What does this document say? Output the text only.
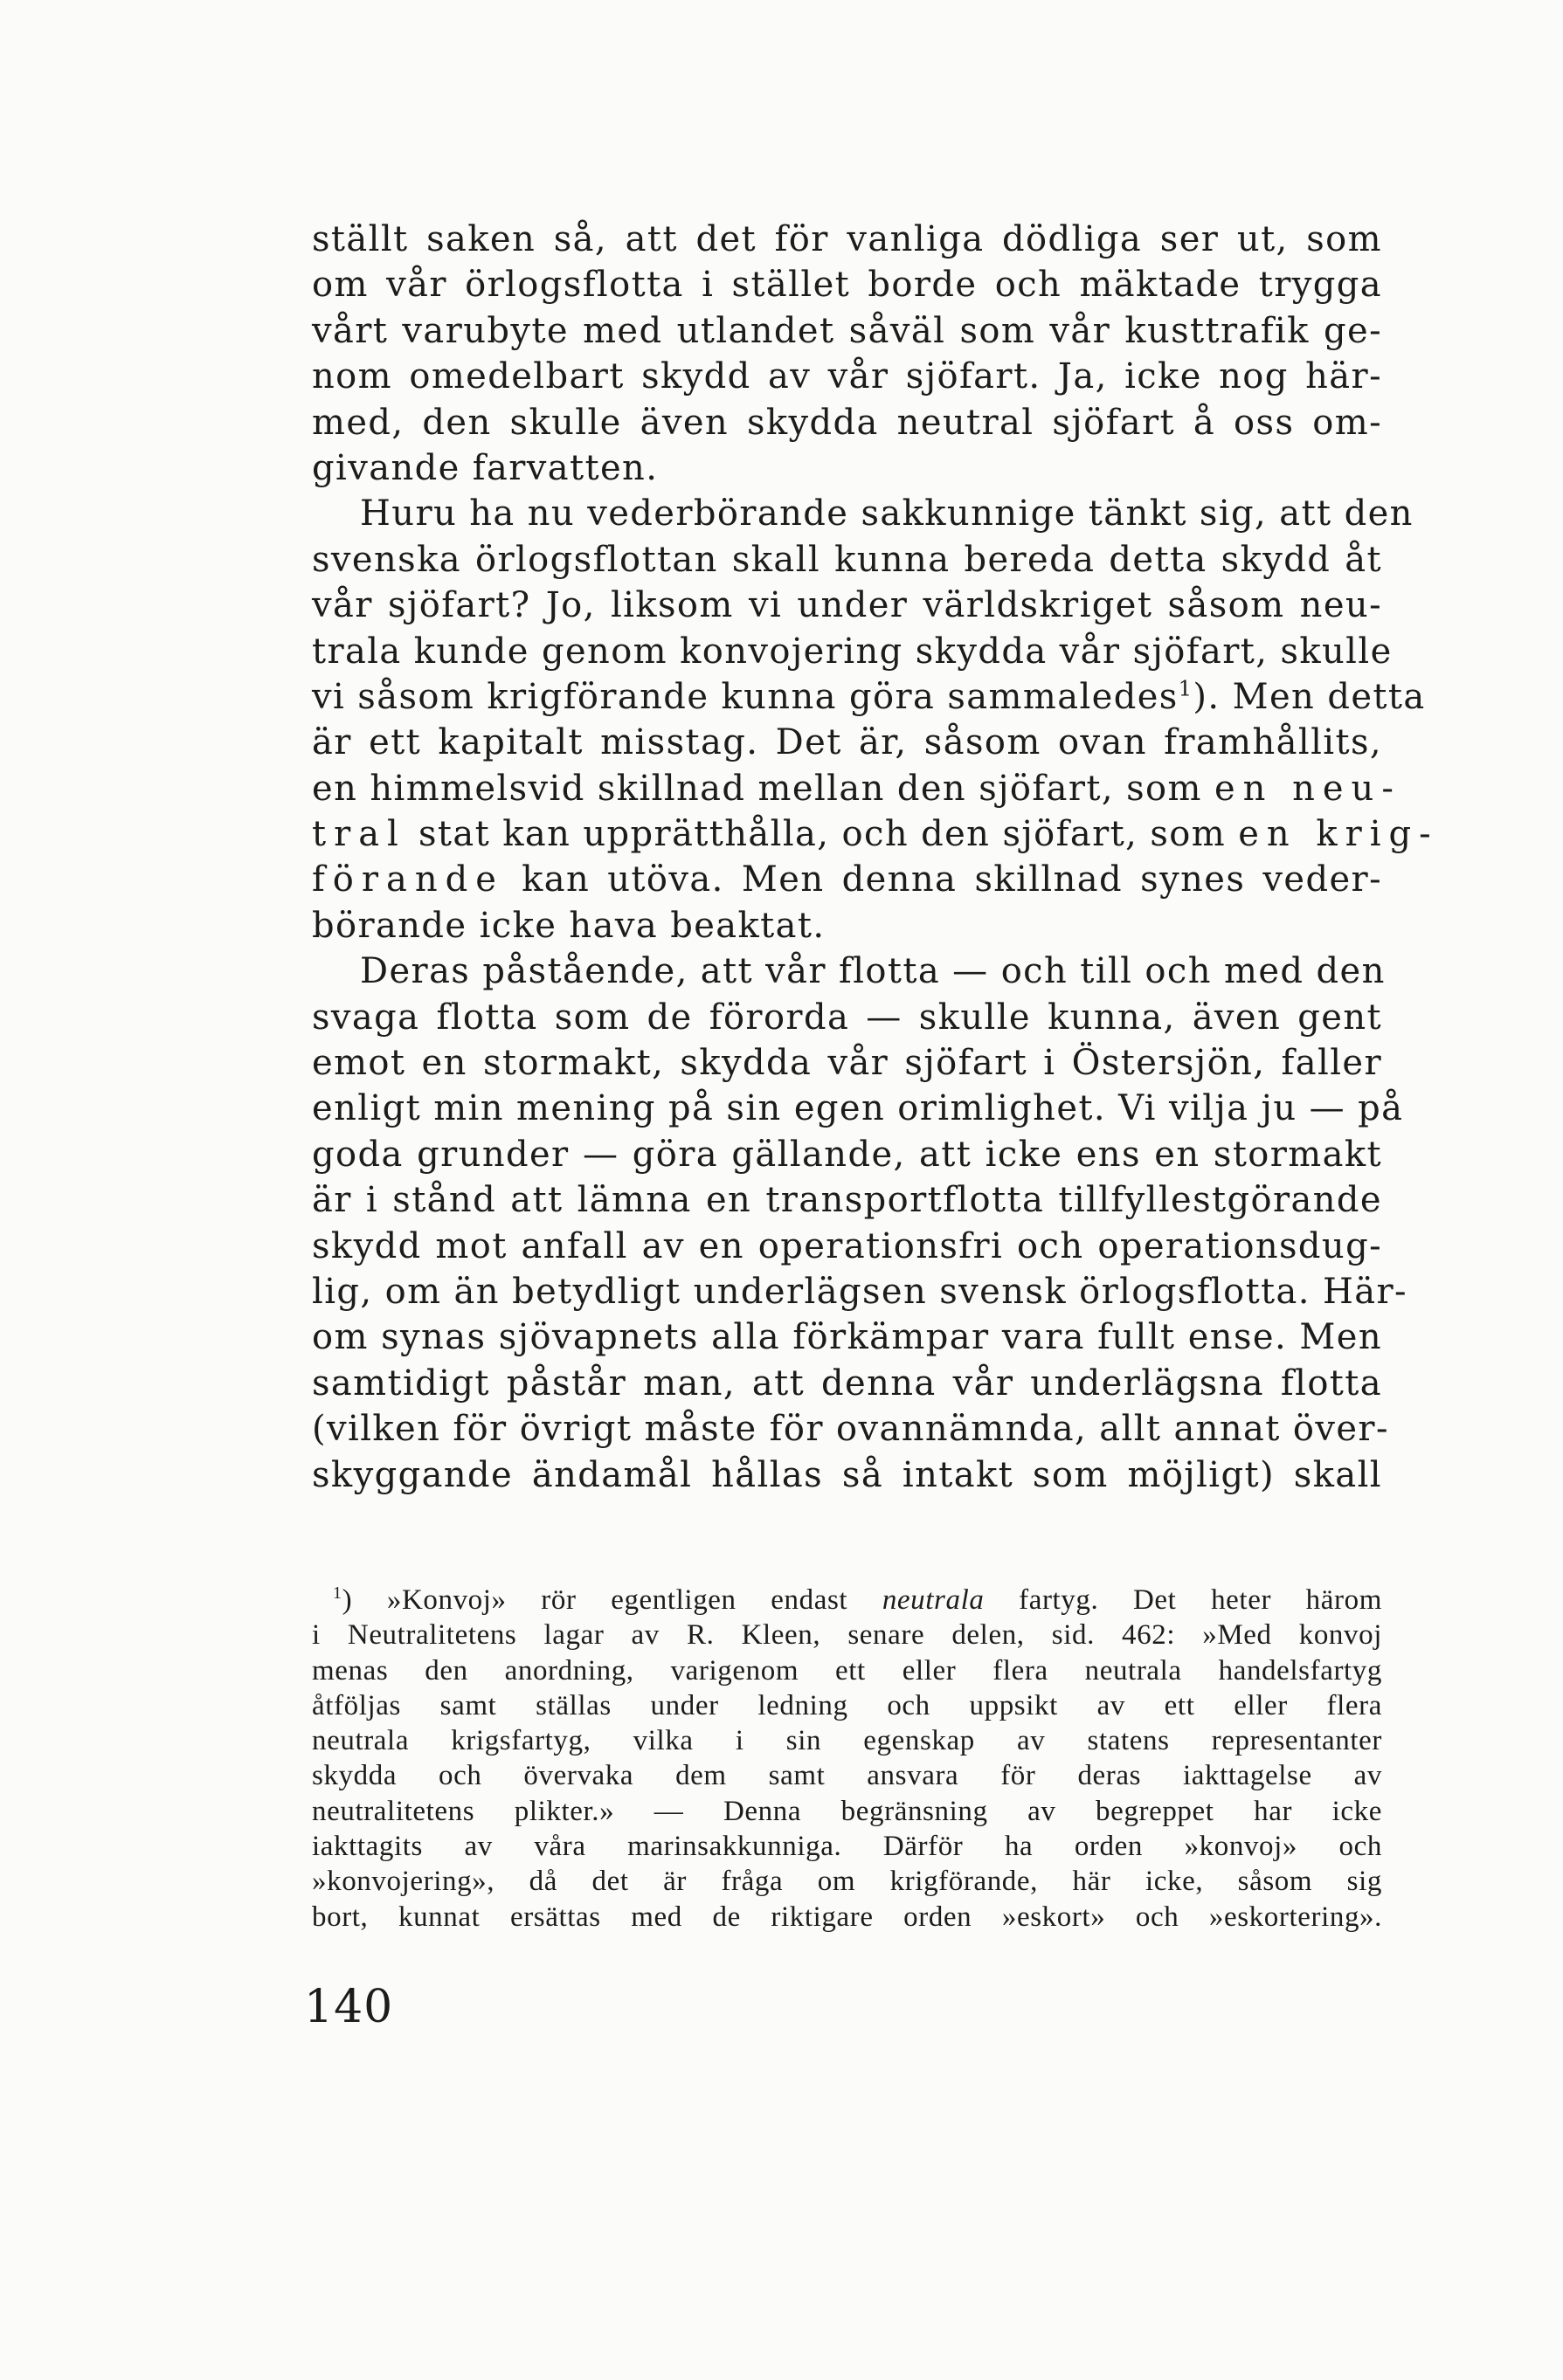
ställt saken så, att det för vanliga dödliga ser ut, som
om vår örlogsflotta i stället borde och mäktade trygga
vårt varubyte med utlandet såväl som vår kusttrafik ge-
nom omedelbart skydd av vår sjöfart. Ja, icke nog här-
med, den skulle även skydda neutral sjöfart å oss om-
givande farvatten.
Huru ha nu vederbörande sakkunnige tänkt sig, att den
svenska örlogsflottan skall kunna bereda detta skydd åt
vår sjöfart? Jo, liksom vi under världskriget såsom neu-
trala kunde genom konvojering skydda vår sjöfart, skulle
vi såsom krigförande kunna göra sammaledes$^1$). Men detta
är ett kapitalt misstag. Det är, såsom ovan framhållits,
en himmelsvid skillnad mellan den sjöfart, som en neu-
tral stat kan upprätthålla, och den sjöfart, som en krig-
förande kan utöva. Men denna skillnad synes veder-
börande icke hava beaktat.
Deras påstående, att vår flotta — och till och med den
svaga flotta som de förorda — skulle kunna, även gent
emot en stormakt, skydda vår sjöfart i Östersjön, faller
enligt min mening på sin egen orimlighet. Vi vilja ju — på
goda grunder — göra gällande, att icke ens en stormakt
är i stånd att lämna en transportflotta tillfyllestgörande
skydd mot anfall av en operationsfri och operationsdug-
lig, om än betydligt underlägsen svensk örlogsflotta. Här-
om synas sjövapnets alla förkämpar vara fullt ense. Men
samtidigt påstår man, att denna vår underlägsna flotta
(vilken för övrigt måste för ovannämnda, allt annat över-
skyggande ändamål hållas så intakt som möjligt) skall
$^1$) »Konvoj» rör egentligen endast neutrala fartyg. Det heter härom
i Neutralitetens lagar av R. Kleen, senare delen, sid. 462: »Med konvoj
menas den anordning, varigenom ett eller flera neutrala handelsfartyg
åtföljas samt ställas under ledning och uppsikt av ett eller flera
neutrala krigsfartyg, vilka i sin egenskap av statens representanter
skydda och övervaka dem samt ansvara för deras iakttagelse av
neutralitetens plikter.» — Denna begränsning av begreppet har icke
iakttagits av våra marinsakkunniga. Därför ha orden »konvoj» och
»konvojering», då det är fråga om krigförande, här icke, såsom sig
bort, kunnat ersättas med de riktigare orden »eskort» och »eskortering».
140
